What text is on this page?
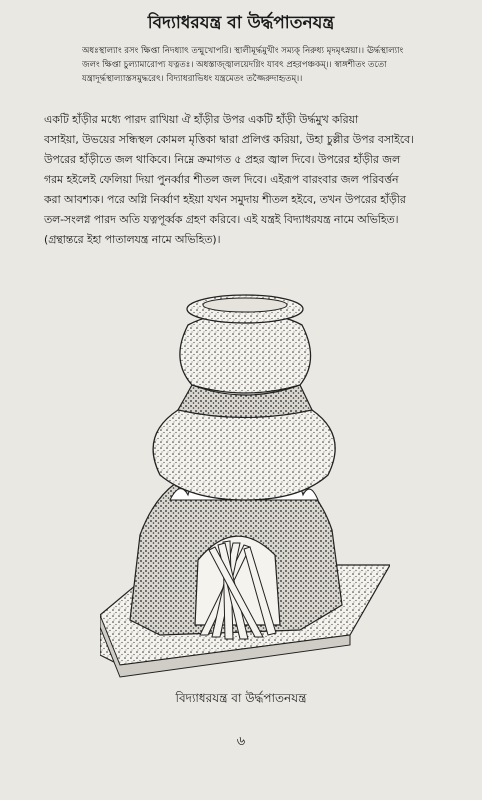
বিদ্যাধরযন্ত্র বা উর্দ্ধপাতনযন্ত্র
অধঃস্থাল্যাং রসং ক্ষিপ্তা নিদধ্যাৎ তন্মুখোপরি। স্থালীমূর্দ্ধমুখীং সম্যক্ নিরুধ্য মৃদমৃৎস্নয়া।। ঊর্দ্ধস্থাল্যাং
জলং ক্ষিপ্তা চুল্যামারোপ্য যত্নতঃ। অধস্তাজ্জ্বালয়েদগ্নিং যাবৎ প্রহরপঞ্চকম্।। স্বাঙ্গশীতং ততো
যন্ত্রাদূর্দ্ধস্থাল্যাস্তসমুদ্ধরেৎ। বিদ্যাধরাভিধং যন্ত্রমেতং তজ্জৈরুদাহৃতম্।।
একটি হাঁড়ীর মধ্যে পারদ রাখিয়া ঐ হাঁড়ীর উপর একটি হাঁড়ী উর্দ্ধমুখ করিয়া
বসাইয়া, উভয়ের সন্ধিস্থল কোমল মৃত্তিকা দ্বারা প্রলিপ্ত করিয়া, উহা চুল্লীর উপর বসাইবে।
উপরের হাঁড়ীতে জল থাকিবে। নিম্নে ক্রমাগত ৫ প্রহর জ্বাল দিবে। উপরের হাঁড়ীর জল
গরম হইলেই ফেলিয়া দিয়া পুনর্ব্বার শীতল জল দিবে। এইরূপ বারংবার জল পরিবর্ত্তন
করা আবশ্যক। পরে অগ্নি নির্ব্বাণ হইয়া যখন সমুদায় শীতল হইবে, তখন উপরের হাঁড়ীর
তল-সংলগ্ন পারদ অতি যত্নপূর্ব্বক গ্রহণ করিবে। এই যন্ত্রই বিদ্যাধরযন্ত্র নামে অভিহিত।
(গ্রন্থান্তরে ইহা পাতালযন্ত্র নামে অভিহিত)।
বিদ্যাধরযন্ত্র বা উর্দ্ধপাতনযন্ত্র
৬
